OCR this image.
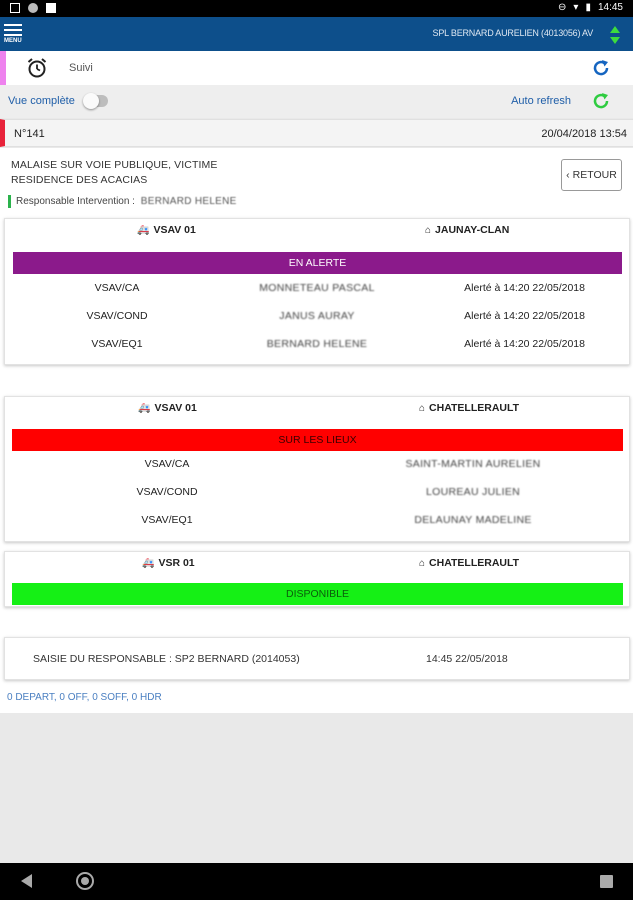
⊖ ▾ ▮ 14:45
MENU
SPL BERNARD AURELIEN (4013056) AV
Suivi
Vue complète	Auto refresh
N°141	20/04/2018 13:54
MALAISE SUR VOIE PUBLIQUE, VICTIME
RESIDENCE DES ACACIAS	‹ RETOUR
Responsable Intervention : BERNARD HELENE
🚑 VSAV 01	⌂ JAUNAY-CLAN
EN ALERTE
VSAV/CA	MONNETEAU PASCAL	Alerté à 14:20 22/05/2018
VSAV/COND	JANUS AURAY	Alerté à 14:20 22/05/2018
VSAV/EQ1	BERNARD HELENE	Alerté à 14:20 22/05/2018
🚑 VSAV 01	⌂ CHATELLERAULT
SUR LES LIEUX
VSAV/CA	SAINT-MARTIN AURELIEN
VSAV/COND	LOUREAU JULIEN
VSAV/EQ1	DELAUNAY MADELINE
🚑 VSR 01	⌂ CHATELLERAULT
DISPONIBLE
SAISIE DU RESPONSABLE : SP2 BERNARD (2014053)	14:45 22/05/2018
0 DEPART, 0 OFF, 0 SOFF, 0 HDR
